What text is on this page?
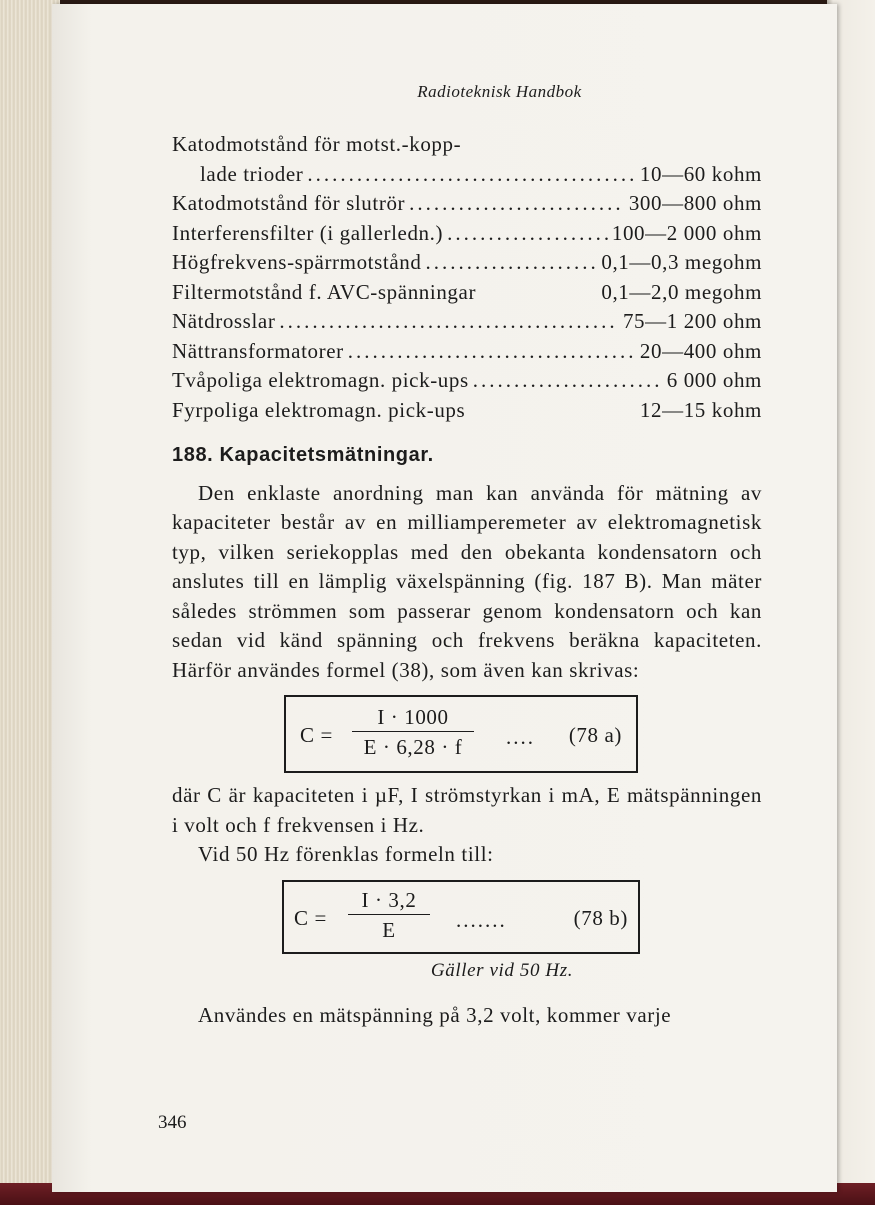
Radioteknisk Handbok
Katodmotstånd för motst.-kopp-
lade trioder .....	10—60 kohm
Katodmotstånd för slutrör .....	300—800 ohm
Interferensfilter (i gallerledn.) .....	100—2 000 ohm
Högfrekvens-spärrmotstånd .....	0,1—0,3 megohm
Filtermotstånd f. AVC-spänningar	0,1—2,0 megohm
Nätdrosslar .....	75—1 200 ohm
Nättransformatorer .....	20—400 ohm
Tvåpoliga elektromagn. pick-ups .....	6 000 ohm
Fyrpoliga elektromagn. pick-ups	12—15 kohm
188. Kapacitetsmätningar.

Den enklaste anordning man kan använda för mätning av kapaciteter består av en milliamperemeter av elektromagnetisk typ, vilken seriekopplas med den obekanta kondensatorn och anslutes till en lämplig växelspänning (fig. 187 B). Man mäter således strömmen som passerar genom kondensatorn och kan sedan vid känd spänning och frekvens beräkna kapaciteten. Härför användes formel (38), som även kan skrivas:

$C = \frac{I \cdot 1000}{E \cdot 6,28 \cdot f}$ .... (78 a)

där C är kapaciteten i µF, I strömstyrkan i mA, E mätspänningen i volt och f frekvensen i Hz.

Vid 50 Hz förenklas formeln till:

$C = \frac{I \cdot 3,2}{E}$ .......	(78 b)
Gäller vid 50 Hz.

Användes en mätspänning på 3,2 volt, kommer varje

346
